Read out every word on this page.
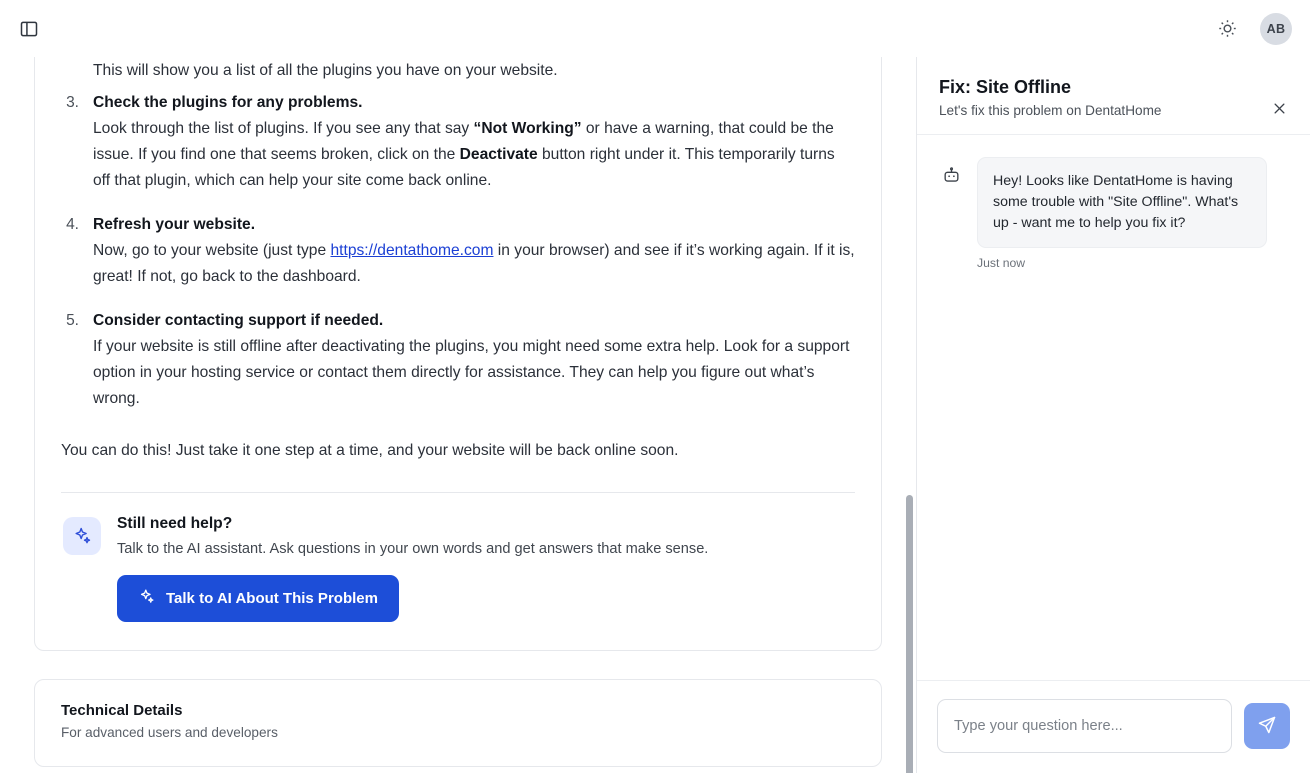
AB
This will show you a list of all the plugins you have on your website.
3. Check the plugins for any problems.
Look through the list of plugins. If you see any that say “Not Working” or have a warning, that could be the issue. If you find one that seems broken, click on the Deactivate button right under it. This temporarily turns off that plugin, which can help your site come back online.
4. Refresh your website.
Now, go to your website (just type https://dentathome.com in your browser) and see if it’s working again. If it is, great! If not, go back to the dashboard.
5. Consider contacting support if needed.
If your website is still offline after deactivating the plugins, you might need some extra help. Look for a support option in your hosting service or contact them directly for assistance. They can help you figure out what’s wrong.

You can do this! Just take it one step at a time, and your website will be back online soon.

Still need help?
Talk to the AI assistant. Ask questions in your own words and get answers that make sense.
Talk to AI About This Problem
Technical Details
For advanced users and developers
Fix: Site Offline
Let's fix this problem on DentatHome
Hey! Looks like DentatHome is having some trouble with "Site Offline". What's up - want me to help you fix it?
Just now
Type your question here...
